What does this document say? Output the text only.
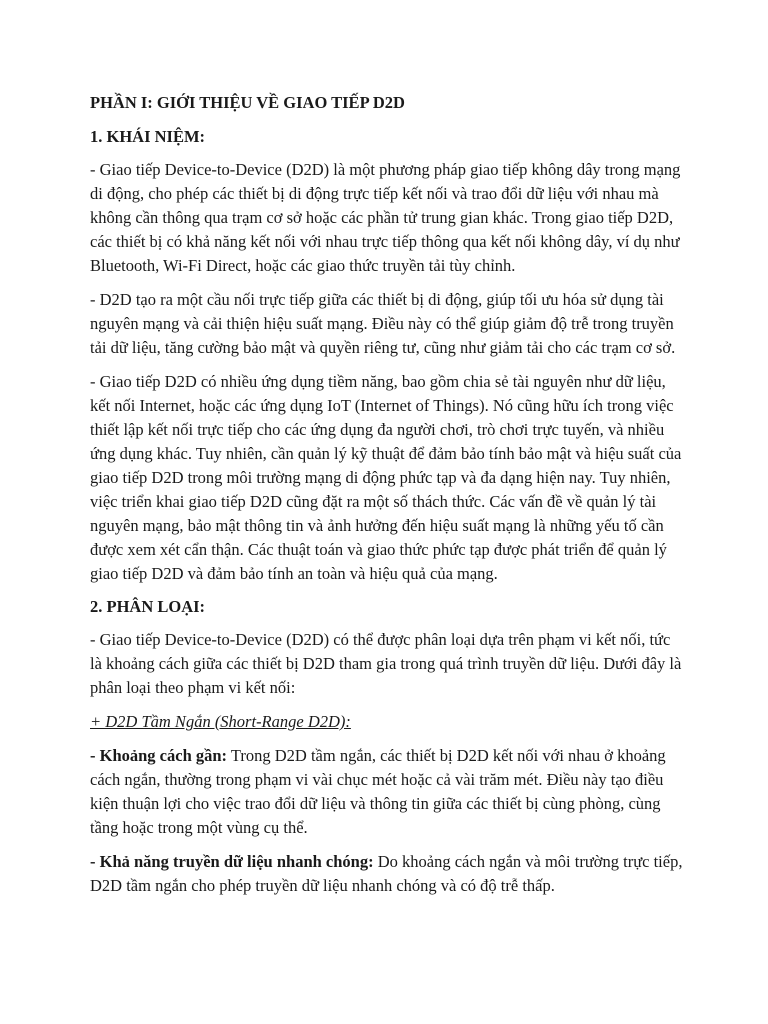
PHẦN I: GIỚI THIỆU VỀ GIAO TIẾP D2D
1. KHÁI NIỆM:

- Giao tiếp Device-to-Device (D2D) là một phương pháp giao tiếp không dây trong mạng di động, cho phép các thiết bị di động trực tiếp kết nối và trao đổi dữ liệu với nhau mà không cần thông qua trạm cơ sở hoặc các phần tử trung gian khác. Trong giao tiếp D2D, các thiết bị có khả năng kết nối với nhau trực tiếp thông qua kết nối không dây, ví dụ như Bluetooth, Wi-Fi Direct, hoặc các giao thức truyền tải tùy chỉnh.

- D2D tạo ra một cầu nối trực tiếp giữa các thiết bị di động, giúp tối ưu hóa sử dụng tài nguyên mạng và cải thiện hiệu suất mạng. Điều này có thể giúp giảm độ trễ trong truyền tải dữ liệu, tăng cường bảo mật và quyền riêng tư, cũng như giảm tải cho các trạm cơ sở.

- Giao tiếp D2D có nhiều ứng dụng tiềm năng, bao gồm chia sẻ tài nguyên như dữ liệu, kết nối Internet, hoặc các ứng dụng IoT (Internet of Things). Nó cũng hữu ích trong việc thiết lập kết nối trực tiếp cho các ứng dụng đa người chơi, trò chơi trực tuyến, và nhiều ứng dụng khác. Tuy nhiên, cần quản lý kỹ thuật để đảm bảo tính bảo mật và hiệu suất của giao tiếp D2D trong môi trường mạng di động phức tạp và đa dạng hiện nay. Tuy nhiên, việc triển khai giao tiếp D2D cũng đặt ra một số thách thức. Các vấn đề về quản lý tài nguyên mạng, bảo mật thông tin và ảnh hưởng đến hiệu suất mạng là những yếu tố cần được xem xét cẩn thận. Các thuật toán và giao thức phức tạp được phát triển để quản lý giao tiếp D2D và đảm bảo tính an toàn và hiệu quả của mạng.

2. PHÂN LOẠI:

- Giao tiếp Device-to-Device (D2D) có thể được phân loại dựa trên phạm vi kết nối, tức là khoảng cách giữa các thiết bị D2D tham gia trong quá trình truyền dữ liệu. Dưới đây là phân loại theo phạm vi kết nối:

+ D2D Tầm Ngắn (Short-Range D2D):

- Khoảng cách gần: Trong D2D tầm ngắn, các thiết bị D2D kết nối với nhau ở khoảng cách ngắn, thường trong phạm vi vài chục mét hoặc cả vài trăm mét. Điều này tạo điều kiện thuận lợi cho việc trao đổi dữ liệu và thông tin giữa các thiết bị cùng phòng, cùng tầng hoặc trong một vùng cụ thể.

- Khả năng truyền dữ liệu nhanh chóng: Do khoảng cách ngắn và môi trường trực tiếp, D2D tầm ngắn cho phép truyền dữ liệu nhanh chóng và có độ trễ thấp.
